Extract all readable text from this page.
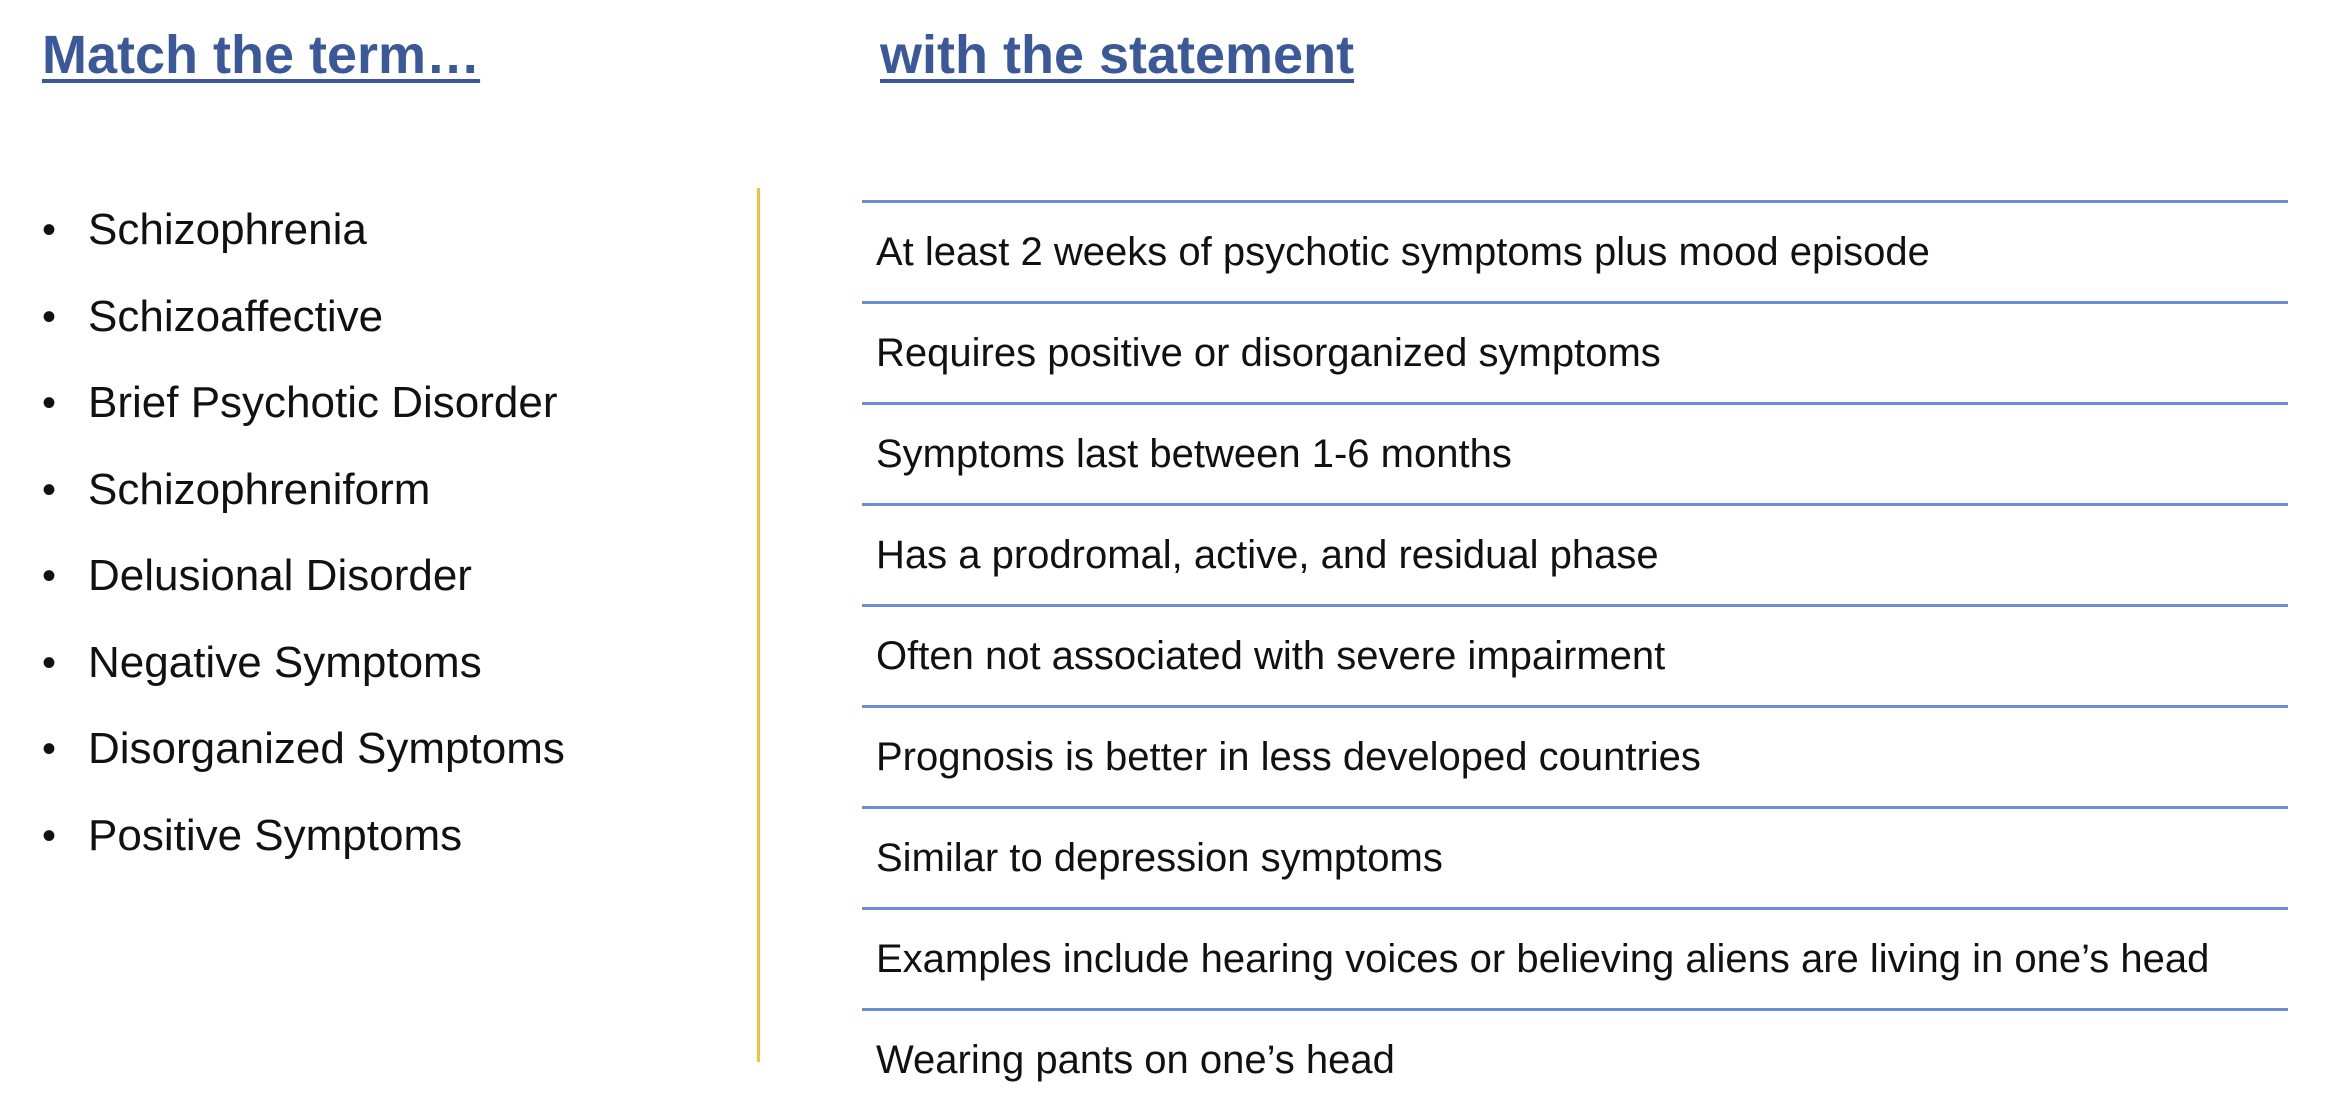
Match the term…	with the statement
• Schizophrenia
• Schizoaffective
• Brief Psychotic Disorder
• Schizophreniform
• Delusional Disorder
• Negative Symptoms
• Disorganized Symptoms
• Positive Symptoms
At least 2 weeks of psychotic symptoms plus mood episode
Requires positive or disorganized symptoms
Symptoms last between 1-6 months
Has a prodromal, active, and residual phase
Often not associated with severe impairment
Prognosis is better in less developed countries
Similar to depression symptoms
Examples include hearing voices or believing aliens are living in one’s head
Wearing pants on one’s head
